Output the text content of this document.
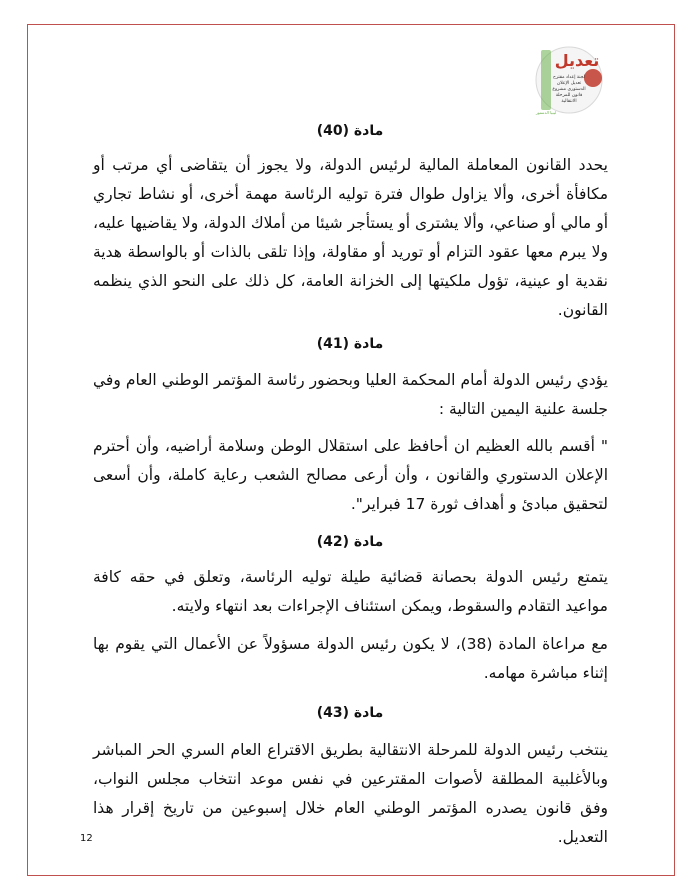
تعديل
لجنة إعداد مقترح
تعديل الإعلان
الدستوري مشروع
قانون للمرحلة
الانتقالية
ليبيا الدستور
مادة (40)
يحدد القانون المعاملة المالية لرئيس الدولة، ولا يجوز أن يتقاضى أي مرتب أو مكافأة أخرى، وألا يزاول طوال فترة توليه الرئاسة مهمة أخرى، أو نشاط تجاري أو مالي أو صناعي، وألا يشترى أو يستأجر شيئا من أملاك الدولة، ولا يقاضيها عليه، ولا يبرم معها عقود التزام أو توريد أو مقاولة، وإذا تلقى بالذات أو بالواسطة هدية نقدية او عينية، تؤول ملكيتها إلى الخزانة العامة، كل ذلك على النحو الذي ينظمه القانون.
مادة (41)
يؤدي رئيس الدولة أمام المحكمة العليا وبحضور رئاسة المؤتمر الوطني العام وفي جلسة علنية اليمين التالية :
" أقسم بالله العظيم ان أحافظ على استقلال الوطن وسلامة أراضيه، وأن أحترم الإعلان الدستوري والقانون ، وأن أرعى مصالح الشعب رعاية كاملة، وأن أسعى لتحقيق مبادئ و أهداف ثورة 17 فبراير".
مادة (42)
يتمتع رئيس الدولة بحصانة قضائية طيلة توليه الرئاسة، وتعلق في حقه كافة مواعيد التقادم والسقوط، ويمكن استئناف الإجراءات بعد انتهاء ولايته.
مع مراعاة المادة (38)، لا يكون رئيس الدولة مسؤولاً عن الأعمال التي يقوم بها إثناء مباشرة مهامه.
مادة (43)
ينتخب رئيس الدولة للمرحلة الانتقالية بطريق الاقتراع العام السري الحر المباشر وبالأغلبية المطلقة لأصوات المقترعين في نفس موعد انتخاب مجلس النواب، وفق قانون يصدره المؤتمر الوطني العام خلال إسبوعين من تاريخ إقرار هذا التعديل.
12
